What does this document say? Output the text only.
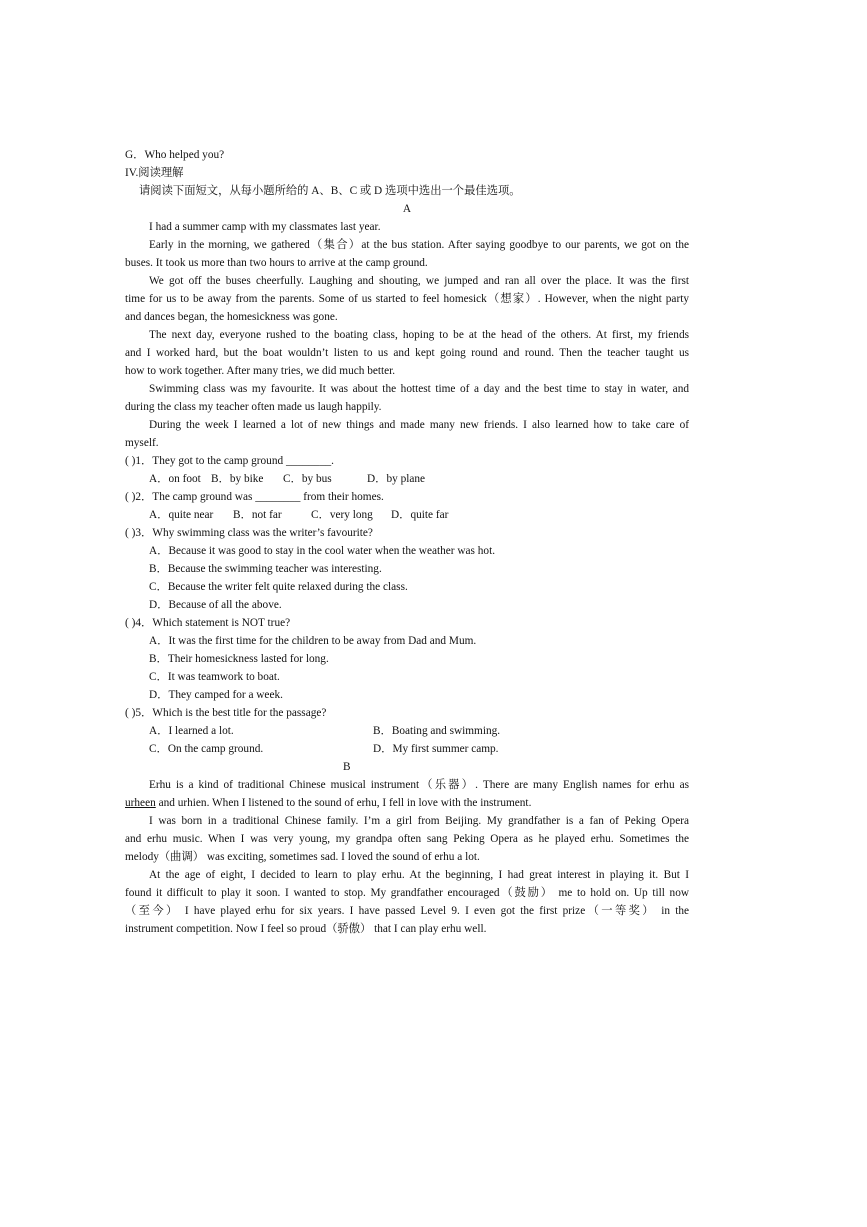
G．Who helped you?
IV.阅读理解
请阅读下面短文，从每小题所给的 A、B、C 或 D 选项中选出一个最佳选项。
A
I had a summer camp with my classmates last year.
Early in the morning, we gathered（集合）at the bus station. After saying goodbye to our parents, we got on the
buses. It took us more than two hours to arrive at the camp ground.
We got off the buses cheerfully. Laughing and shouting, we jumped and ran all over the place. It was the first
time for us to be away from the parents. Some of us started to feel homesick（想家）. However, when the night party
and dances began, the homesickness was gone.
The next day, everyone rushed to the boating class, hoping to be at the head of the others. At first, my friends
and I worked hard, but the boat wouldn’t listen to us and kept going round and round. Then the teacher taught us
how to work together. After many tries, we did much better.
Swimming class was my favourite. It was about the hottest time of a day and the best time to stay in water, and
during the class my teacher often made us laugh happily.
During the week I learned a lot of new things and made many new friends. I also learned how to take care of
myself.
( )1．They got to the camp ground ________.
A．on foot B．by bike C．by bus	D．by plane
( )2．The camp ground was ________ from their homes.
A．quite near B．not far	C．very long D．quite far
( )3．Why swimming class was the writer’s favourite?
A．Because it was good to stay in the cool water when the weather was hot.
B．Because the swimming teacher was interesting.
C．Because the writer felt quite relaxed during the class.
D．Because of all the above.
( )4．Which statement is NOT true?
A．It was the first time for the children to be away from Dad and Mum.
B．Their homesickness lasted for long.
C．It was teamwork to boat.
D．They camped for a week.
( )5．Which is the best title for the passage?
A．I learned a lot.	B．Boating and swimming.
C．On the camp ground.	D．My first summer camp.
B
Erhu is a kind of traditional Chinese musical instrument（乐器）. There are many English names for erhu as
urheen and urhien. When I listened to the sound of erhu, I fell in love with the instrument.
I was born in a traditional Chinese family. I’m a girl from Beijing. My grandfather is a fan of Peking Opera
and erhu music. When I was very young, my grandpa often sang Peking Opera as he played erhu. Sometimes the
melody（曲调） was exciting, sometimes sad. I loved the sound of erhu a lot.
At the age of eight, I decided to learn to play erhu. At the beginning, I had great interest in playing it. But I
found it difficult to play it soon. I wanted to stop. My grandfather encouraged（鼓励） me to hold on. Up till now
（至今） I have played erhu for six years. I have passed Level 9. I even got the first prize（一等奖） in the
instrument competition. Now I feel so proud（骄傲） that I can play erhu well.
